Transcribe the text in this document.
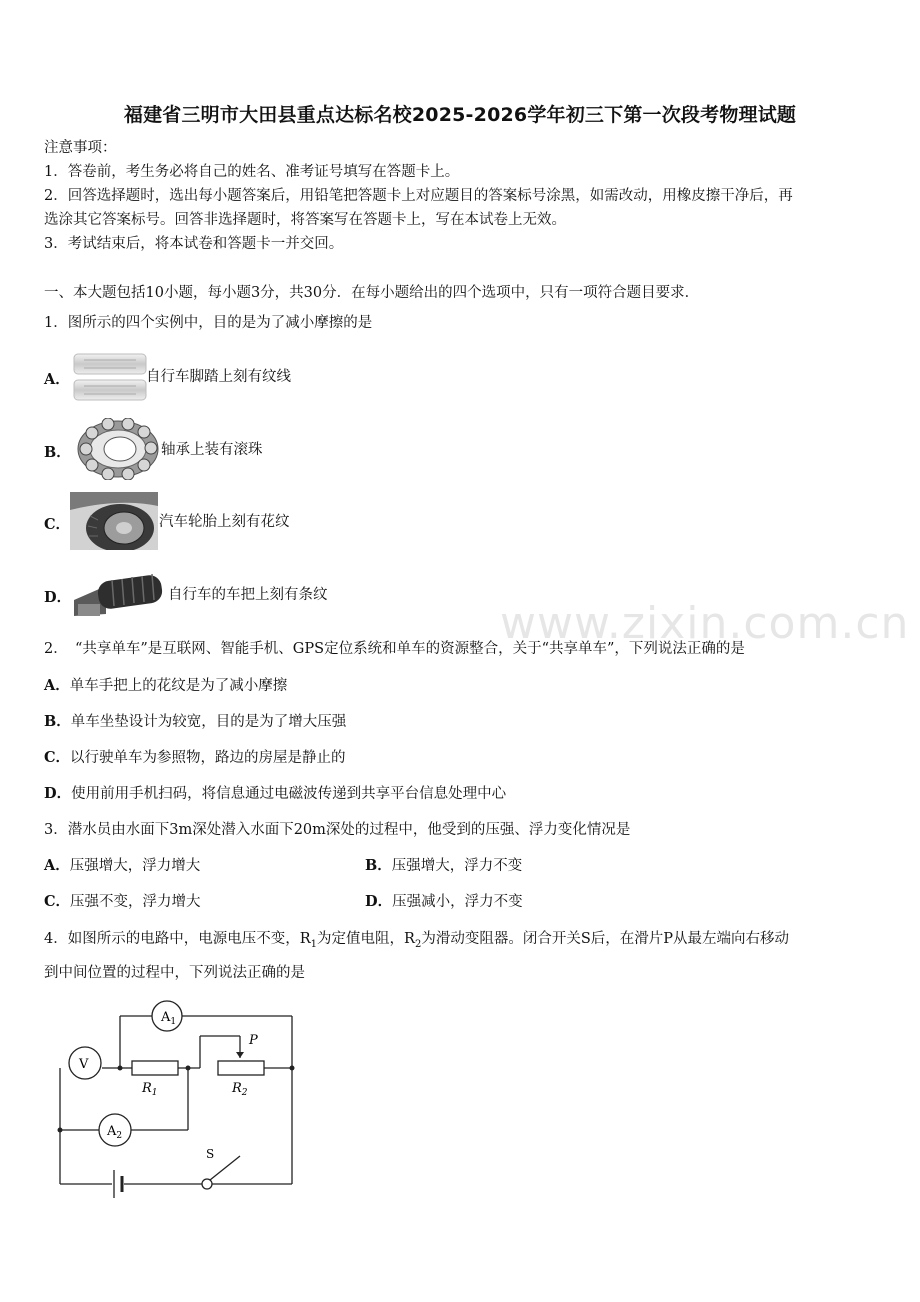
福建省三明市大田县重点达标名校2025-2026学年初三下第一次段考物理试题
注意事项：
1．答卷前，考生务必将自己的姓名、准考证号填写在答题卡上。
2．回答选择题时，选出每小题答案后，用铅笔把答题卡上对应题目的答案标号涂黑，如需改动，用橡皮擦干净后，再
选涂其它答案标号。回答非选择题时，将答案写在答题卡上，写在本试卷上无效。
3．考试结束后，将本试卷和答题卡一并交回。
一、本大题包括10小题，每小题3分，共30分．在每小题给出的四个选项中，只有一项符合题目要求．
1．图所示的四个实例中，目的是为了减小摩擦的是
A．	自行车脚踏上刻有纹线
B．	轴承上装有滚珠
C．	汽车轮胎上刻有花纹
D．	自行车的车把上刻有条纹
www.zixin.com.cn
2．　“共享单车”是互联网、智能手机、GPS定位系统和单车的资源整合，关于“共享单车”，下列说法正确的是
A．单车手把上的花纹是为了减小摩擦
B．单车坐垫设计为较宽，目的是为了增大压强
C．以行驶单车为参照物，路边的房屋是静止的
D．使用前用手机扫码，将信息通过电磁波传递到共享平台信息处理中心
3．潜水员由水面下3m深处潜入水面下20m深处的过程中，他受到的压强、浮力变化情况是
A．压强增大，浮力增大	B．压强增大，浮力不变
C．压强不变，浮力增大	D．压强减小，浮力不变
4．如图所示的电路中，电源电压不变，$R_1$为定值电阻，$R_2$为滑动变阻器。闭合开关S后，在滑片P从最左端向右移动
到中间位置的过程中，下列说法正确的是
$A_1$
V
$A_2$
P
$R_1$	$R_2$
S
